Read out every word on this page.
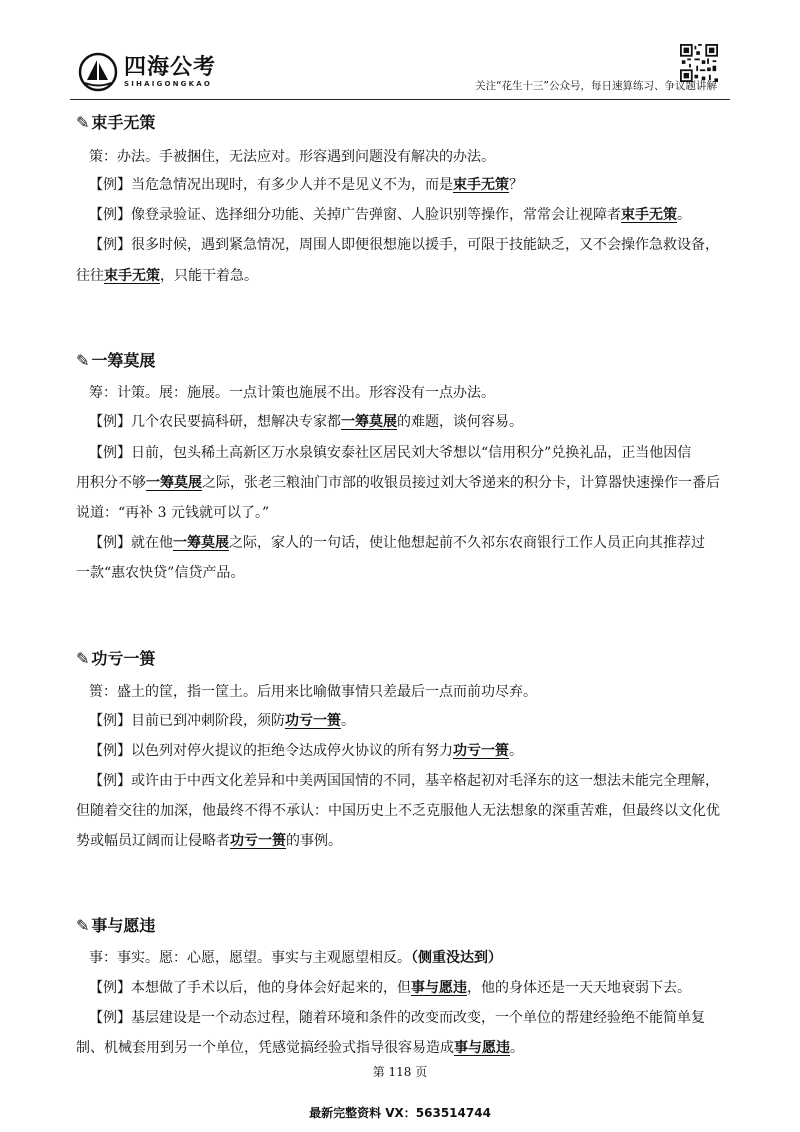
四海公考
SIHAIGONGKAO	关注“花生十三”公众号，每日速算练习、争议题讲解
✎ 束手无策
策：办法。手被捆住，无法应对。形容遇到问题没有解决的办法。
【例】当危急情况出现时，有多少人并不是见义不为，而是束手无策？
【例】像登录验证、选择细分功能、关掉广告弹窗、人脸识别等操作，常常会让视障者束手无策。
【例】很多时候，遇到紧急情况，周围人即便很想施以援手，可限于技能缺乏，又不会操作急救设备，
往往束手无策，只能干着急。
✎ 一筹莫展
筹：计策。展：施展。一点计策也施展不出。形容没有一点办法。
【例】几个农民要搞科研，想解决专家都一筹莫展的难题，谈何容易。
【例】日前，包头稀土高新区万水泉镇安泰社区居民刘大爷想以“信用积分”兑换礼品，正当他因信
用积分不够一筹莫展之际，张老三粮油门市部的收银员接过刘大爷递来的积分卡，计算器快速操作一番后
说道：“再补 3 元钱就可以了。”
【例】就在他一筹莫展之际，家人的一句话，使让他想起前不久祁东农商银行工作人员正向其推荐过
一款“惠农快贷”信贷产品。
✎ 功亏一篑
篑：盛土的筐，指一筐土。后用来比喻做事情只差最后一点而前功尽弃。
【例】目前已到冲刺阶段，须防功亏一篑。
【例】以色列对停火提议的拒绝令达成停火协议的所有努力功亏一篑。
【例】或许由于中西文化差异和中美两国国情的不同，基辛格起初对毛泽东的这一想法未能完全理解，
但随着交往的加深，他最终不得不承认：中国历史上不乏克服他人无法想象的深重苦难，但最终以文化优
势或幅员辽阔而让侵略者功亏一篑的事例。
✎ 事与愿违
事：事实。愿：心愿，愿望。事实与主观愿望相反。（侧重没达到）
【例】本想做了手术以后，他的身体会好起来的，但事与愿违，他的身体还是一天天地衰弱下去。
【例】基层建设是一个动态过程，随着环境和条件的改变而改变，一个单位的帮建经验绝不能简单复
制、机械套用到另一个单位，凭感觉搞经验式指导很容易造成事与愿违。
第 118 页
最新完整资料 VX：563514744
